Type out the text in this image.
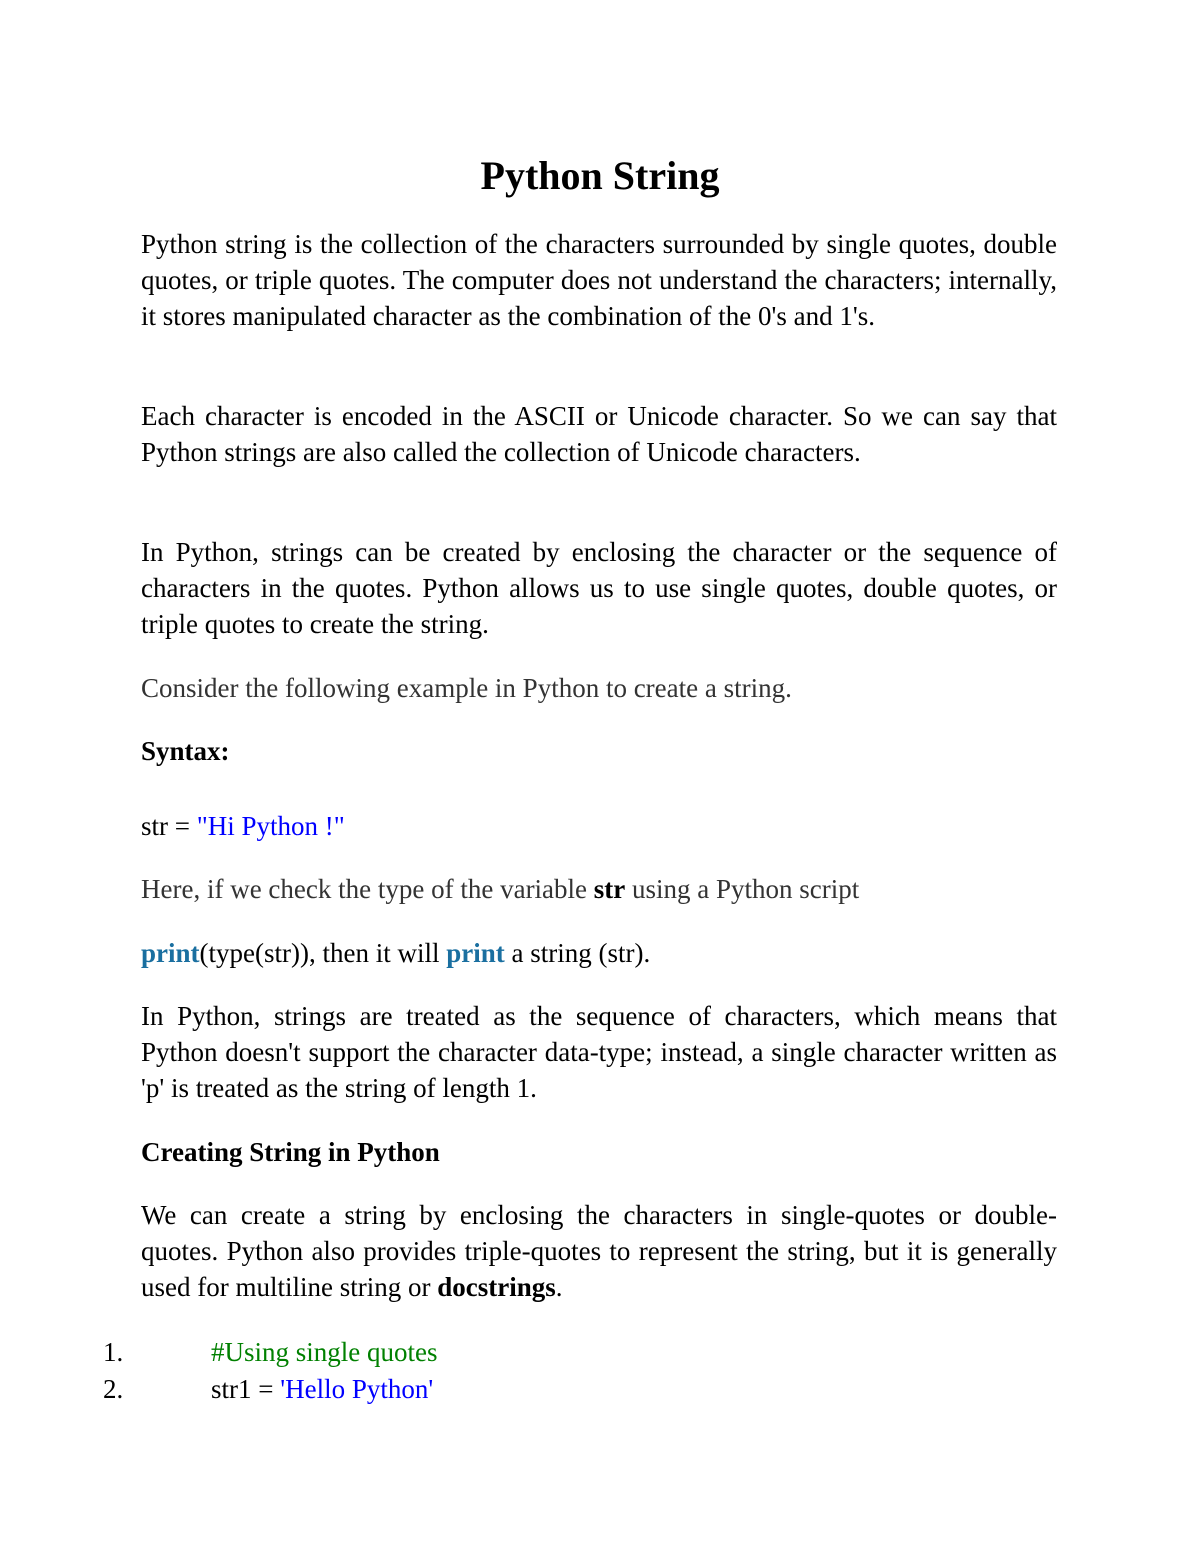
Python String

Python string is the collection of the characters surrounded by single quotes, double quotes, or triple quotes. The computer does not understand the characters; internally, it stores manipulated character as the combination of the 0's and 1's.

Each character is encoded in the ASCII or Unicode character. So we can say that Python strings are also called the collection of Unicode characters.

In Python, strings can be created by enclosing the character or the sequence of characters in the quotes. Python allows us to use single quotes, double quotes, or triple quotes to create the string.

Consider the following example in Python to create a string.

Syntax:

str = "Hi Python !"

Here, if we check the type of the variable str using a Python script

print(type(str)), then it will print a string (str).

In Python, strings are treated as the sequence of characters, which means that Python doesn't support the character data-type; instead, a single character written as 'p' is treated as the string of length 1.

Creating String in Python

We can create a string by enclosing the characters in single-quotes or double- quotes. Python also provides triple-quotes to represent the string, but it is generally used for multiline string or docstrings.

1.	#Using single quotes
2.	str1 = 'Hello Python'
